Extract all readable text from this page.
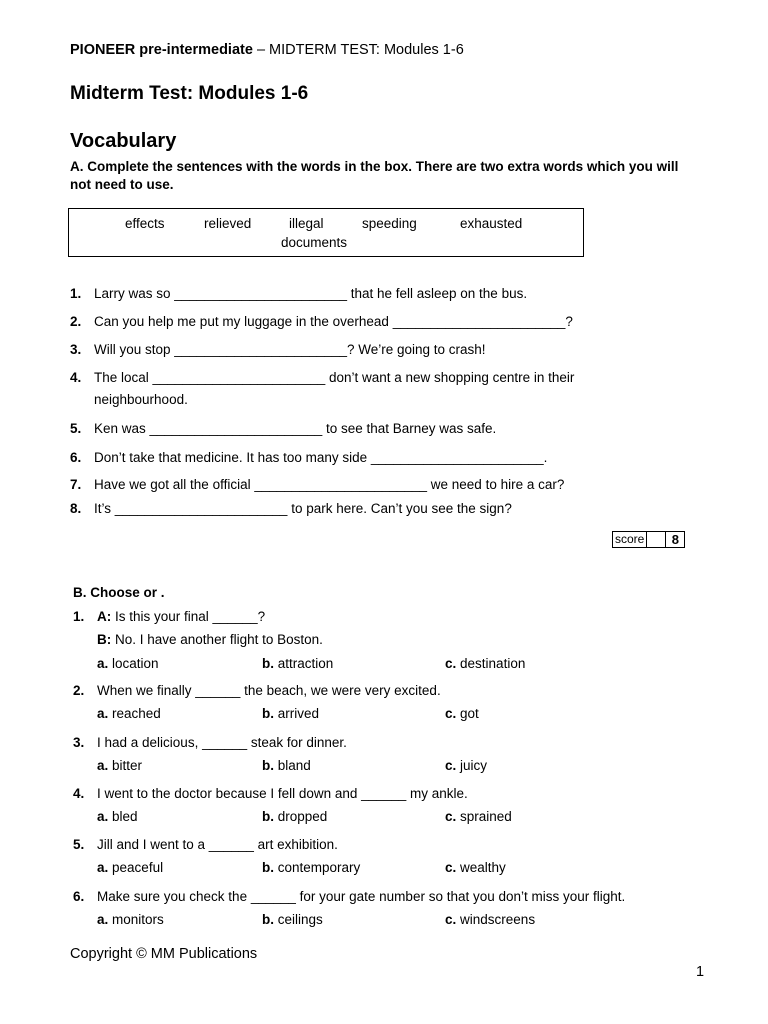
PIONEER pre-intermediate – MIDTERM TEST: Modules 1-6
Midterm Test: Modules 1-6
Vocabulary
A. Complete the sentences with the words in the box. There are two extra words which you will not need to use.
effects	relieved	illegal	speeding	exhausted
documents
1. Larry was so _______________________ that he fell asleep on the bus.
2. Can you help me put my luggage in the overhead _______________________?
3. Will you stop _______________________? We’re going to crash!
4. The local _______________________ don’t want a new shopping centre in their
neighbourhood.
5. Ken was _______________________ to see that Barney was safe.
6. Don’t take that medicine. It has too many side _______________________.
7. Have we got all the official _______________________ we need to hire a car?
8. It’s _______________________ to park here. Can’t you see the sign?
score	8
B. Choose or .
1. A: Is this your final ______?
B: No. I have another flight to Boston.
a. location	b. attraction	c. destination
2. When we finally ______ the beach, we were very excited.
a. reached	b. arrived	c. got
3. I had a delicious, ______ steak for dinner.
a. bitter	b. bland	c. juicy
4. I went to the doctor because I fell down and ______ my ankle.
a. bled	b. dropped	c. sprained
5. Jill and I went to a ______ art exhibition.
a. peaceful	b. contemporary	c. wealthy
6. Make sure you check the ______ for your gate number so that you don’t miss your flight.
a. monitors	b. ceilings	c. windscreens
Copyright © MM Publications
1
